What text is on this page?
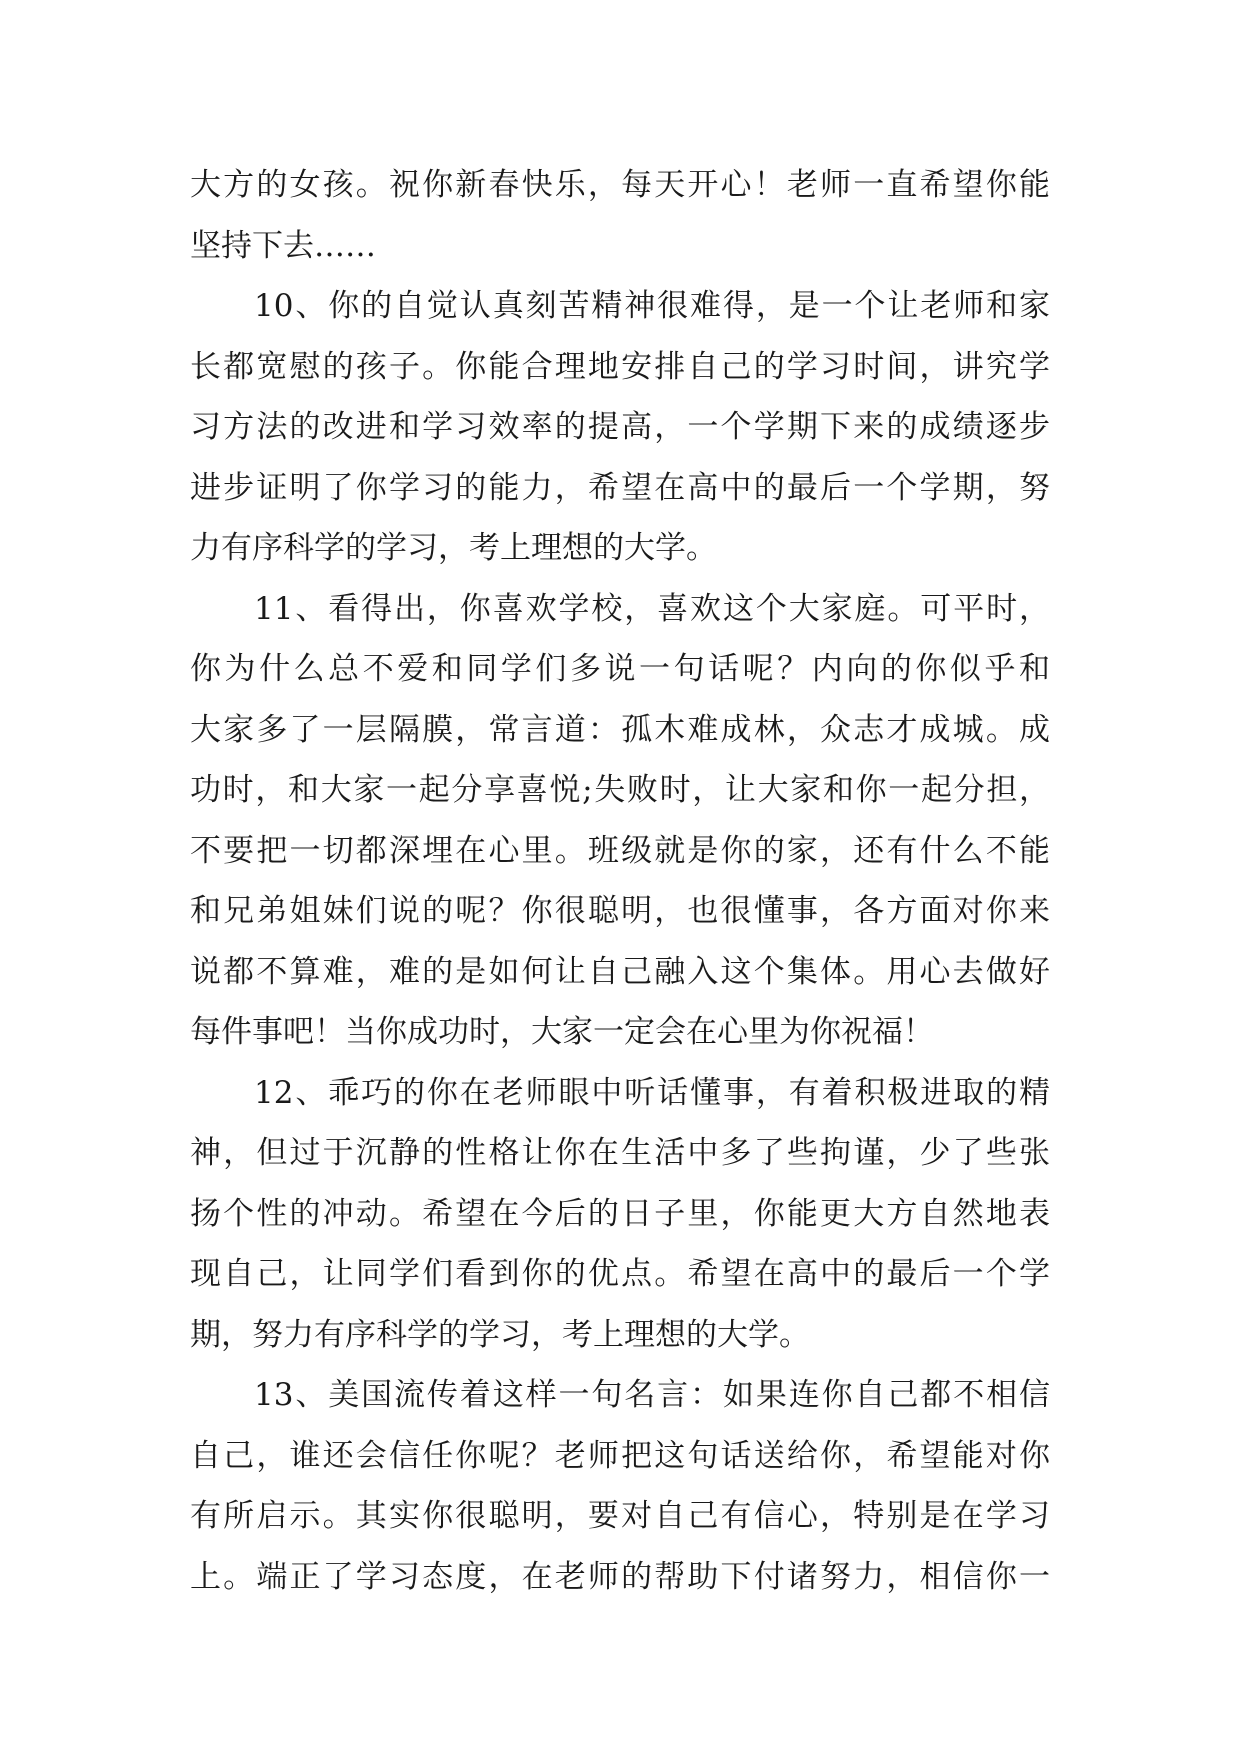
大方的女孩。祝你新春快乐，每天开心！老师一直希望你能
坚持下去……
10、你的自觉认真刻苦精神很难得，是一个让老师和家
长都宽慰的孩子。你能合理地安排自己的学习时间，讲究学
习方法的改进和学习效率的提高，一个学期下来的成绩逐步
进步证明了你学习的能力，希望在高中的最后一个学期，努
力有序科学的学习，考上理想的大学。
11、看得出，你喜欢学校，喜欢这个大家庭。可平时，
你为什么总不爱和同学们多说一句话呢？内向的你似乎和
大家多了一层隔膜，常言道：孤木难成林，众志才成城。成
功时，和大家一起分享喜悦;失败时，让大家和你一起分担，
不要把一切都深埋在心里。班级就是你的家，还有什么不能
和兄弟姐妹们说的呢？你很聪明，也很懂事，各方面对你来
说都不算难，难的是如何让自己融入这个集体。用心去做好
每件事吧！当你成功时，大家一定会在心里为你祝福！
12、乖巧的你在老师眼中听话懂事，有着积极进取的精
神，但过于沉静的性格让你在生活中多了些拘谨，少了些张
扬个性的冲动。希望在今后的日子里，你能更大方自然地表
现自己，让同学们看到你的优点。希望在高中的最后一个学
期，努力有序科学的学习，考上理想的大学。
13、美国流传着这样一句名言：如果连你自己都不相信
自己，谁还会信任你呢？老师把这句话送给你，希望能对你
有所启示。其实你很聪明，要对自己有信心，特别是在学习
上。端正了学习态度，在老师的帮助下付诸努力，相信你一
